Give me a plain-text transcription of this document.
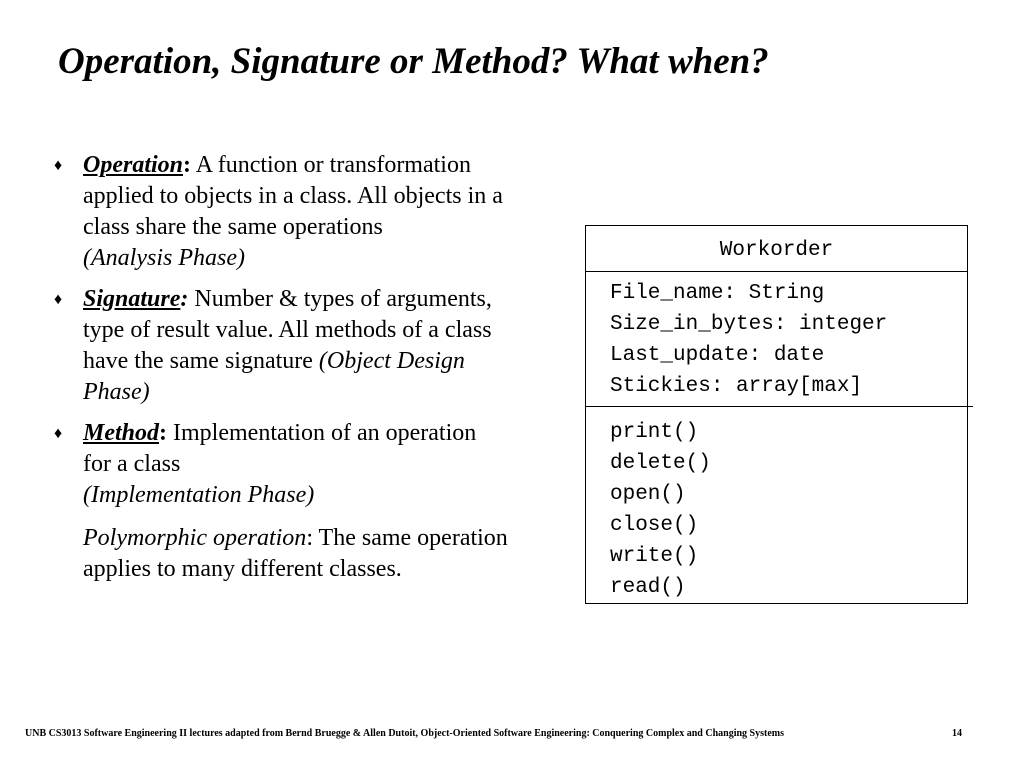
Operation, Signature or Method? What when?
♦ Operation: A function or transformation applied to objects in a class. All objects in a class share the same operations
(Analysis Phase)
♦ Signature: Number & types of arguments, type of result value. All methods of a class have the same signature (Object Design Phase)
♦ Method: Implementation of an operation for a class
(Implementation Phase)
Polymorphic operation: The same operation applies to many different classes.
Workorder
File_name: String
Size_in_bytes: integer
Last_update: date
Stickies: array[max]
print()
delete()
open()
close()
write()
read()
UNB CS3013 Software Engineering II lectures adapted from Bernd Bruegge & Allen Dutoit, Object-Oriented Software Engineering: Conquering Complex and Changing Systems	14
